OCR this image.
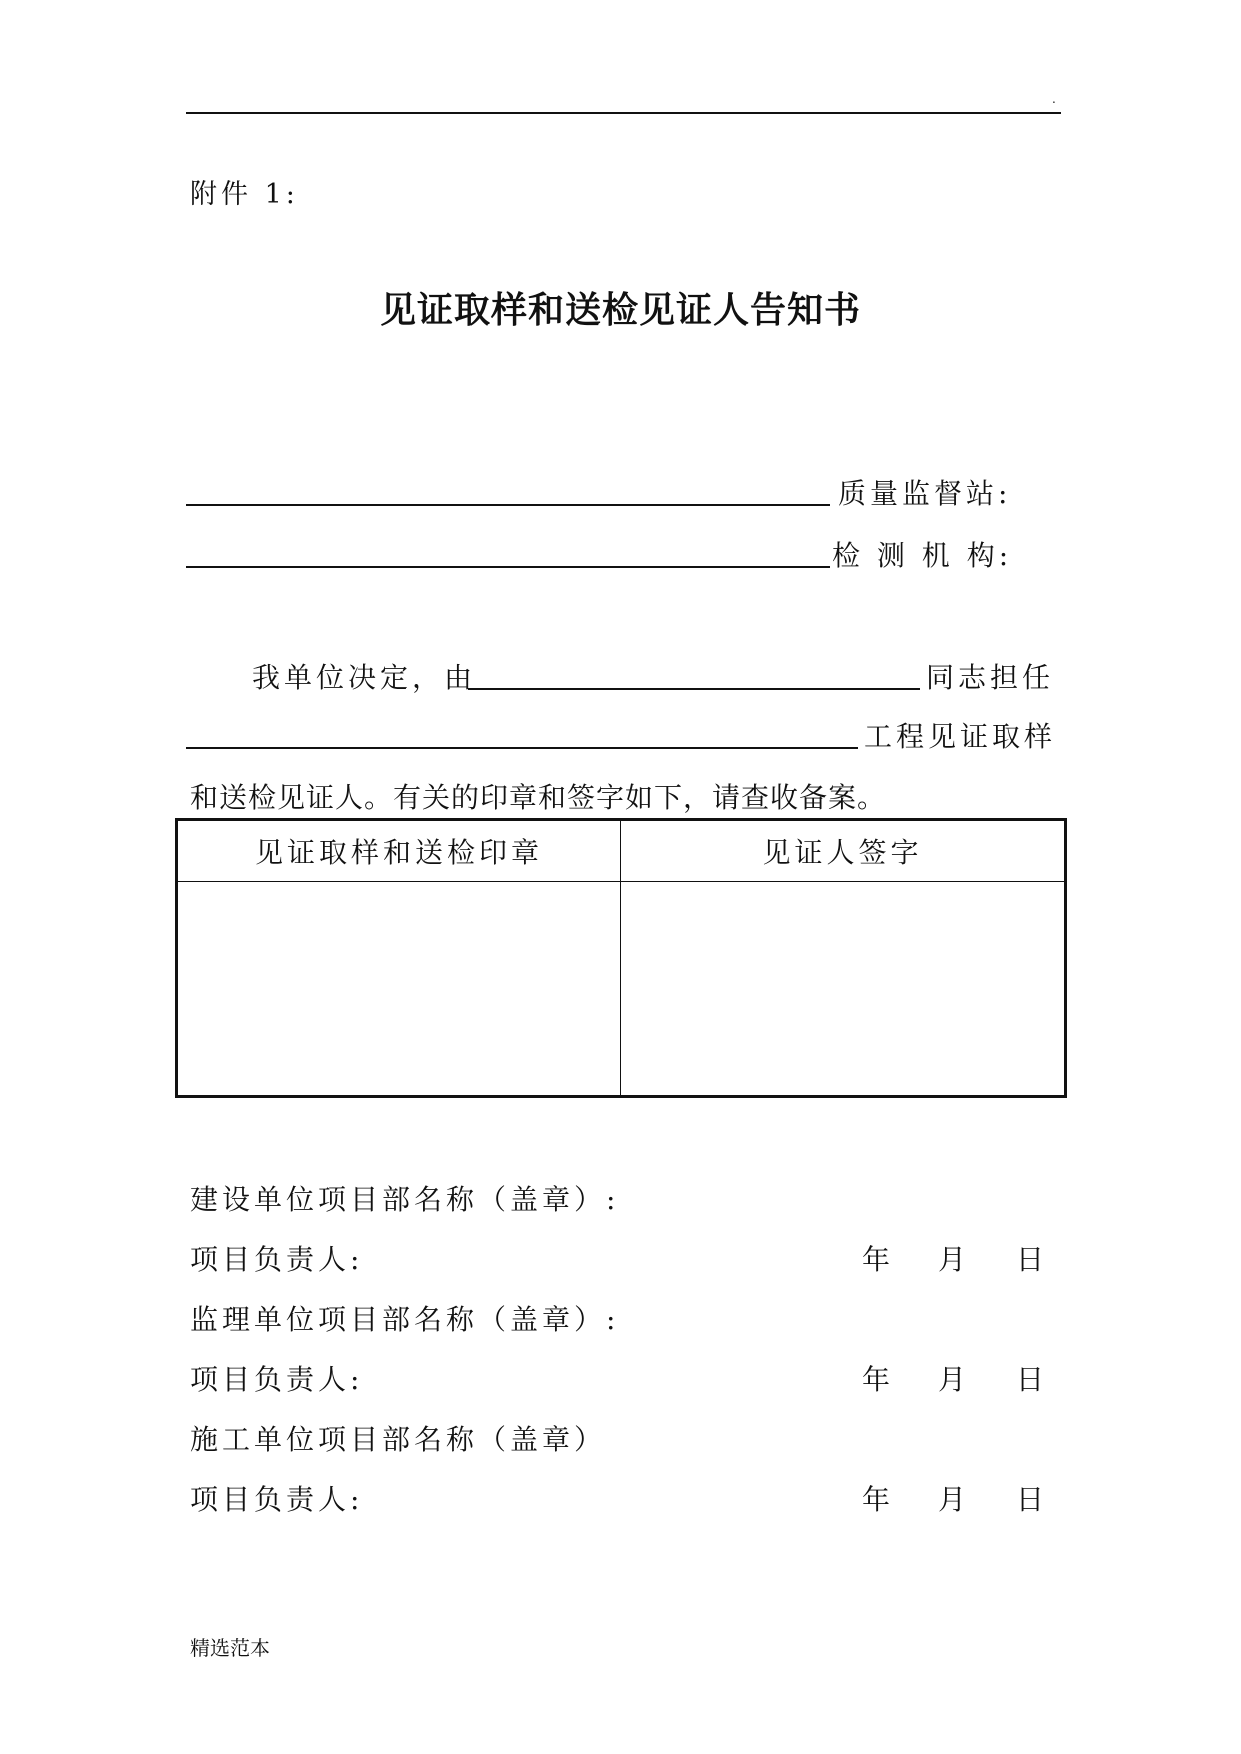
.
附件 1:
见证取样和送检见证人告知书
质量监督站:
检 测 机 构:
我单位决定，由	同志担任
工程见证取样
和送检见证人。有关的印章和签字如下，请查收备案。
见证取样和送检印章	见证人签字

建设单位项目部名称（盖章）:
项目负责人:	年 月 日
监理单位项目部名称（盖章）:
项目负责人:	年 月 日
施工单位项目部名称（盖章）
项目负责人:	年 月 日
精选范本
